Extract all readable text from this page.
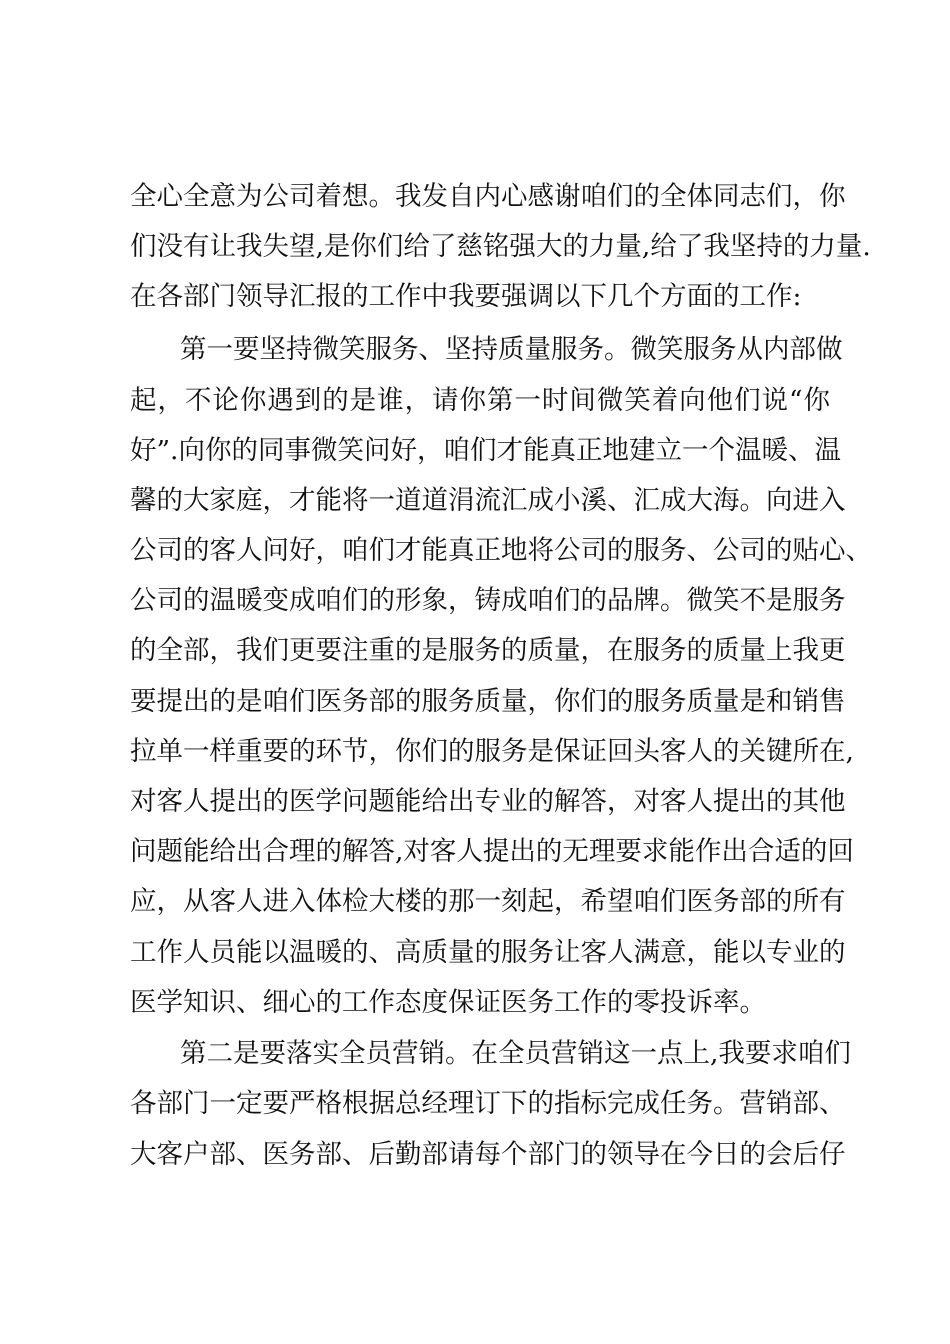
全心全意为公司着想。我发自内心感谢咱们的全体同志们，你
们没有让我失望,是你们给了慈铭强大的力量,给了我坚持的力量.
在各部门领导汇报的工作中我要强调以下几个方面的工作:
第一要坚持微笑服务、坚持质量服务。微笑服务从内部做
起，不论你遇到的是谁，请你第一时间微笑着向他们说“你
好”.向你的同事微笑问好，咱们才能真正地建立一个温暖、温
馨的大家庭，才能将一道道涓流汇成小溪、汇成大海。向进入
公司的客人问好，咱们才能真正地将公司的服务、公司的贴心、
公司的温暖变成咱们的形象，铸成咱们的品牌。微笑不是服务
的全部，我们更要注重的是服务的质量，在服务的质量上我更
要提出的是咱们医务部的服务质量，你们的服务质量是和销售
拉单一样重要的环节，你们的服务是保证回头客人的关键所在,
对客人提出的医学问题能给出专业的解答，对客人提出的其他
问题能给出合理的解答,对客人提出的无理要求能作出合适的回
应，从客人进入体检大楼的那一刻起，希望咱们医务部的所有
工作人员能以温暖的、高质量的服务让客人满意，能以专业的
医学知识、细心的工作态度保证医务工作的零投诉率。
第二是要落实全员营销。在全员营销这一点上,我要求咱们
各部门一定要严格根据总经理订下的指标完成任务。营销部、
大客户部、医务部、后勤部请每个部门的领导在今日的会后仔
